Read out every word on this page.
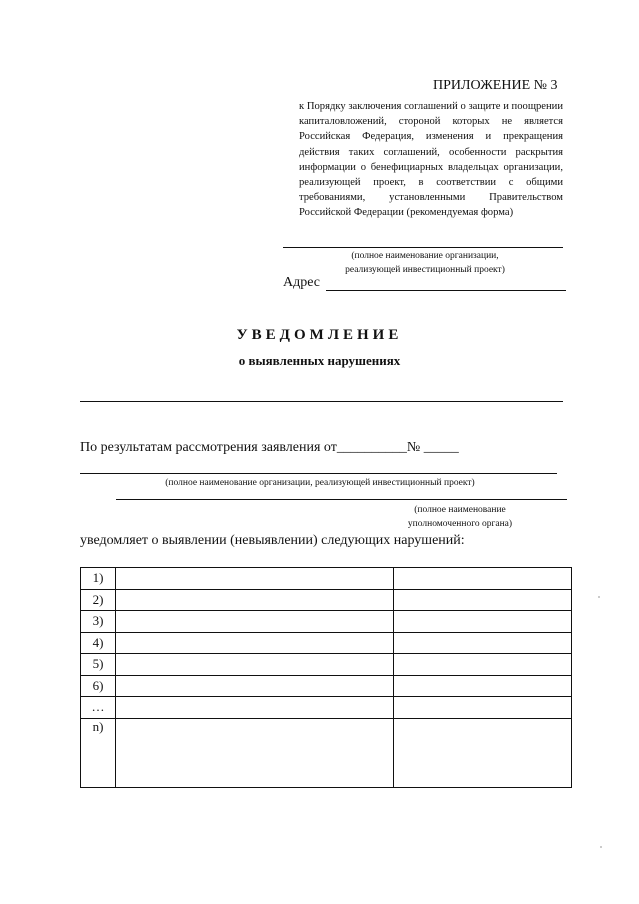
ПРИЛОЖЕНИЕ № 3
к Порядку заключения соглашений о защите и поощрении капиталовложений, стороной которых не является Российская Федерация, изменения и прекращения действия таких соглашений, особенности раскрытия информации о бенефициарных владельцах организации, реализующей проект, в соответствии с общими требованиями, установленными Правительством Российской Федерации (рекомендуемая форма)
(полное наименование организации,
реализующей инвестиционный проект)
Адрес
УВЕДОМЛЕНИЕ
о выявленных нарушениях
По результатам рассмотрения заявления от__________№ _____
(полное наименование организации, реализующей инвестиционный проект)
(полное наименование
уполномоченного органа)
уведомляет о выявлении (невыявлении) следующих нарушений:
1)		
2)		
3)		
4)		
5)		
6)		
…		
n)		
